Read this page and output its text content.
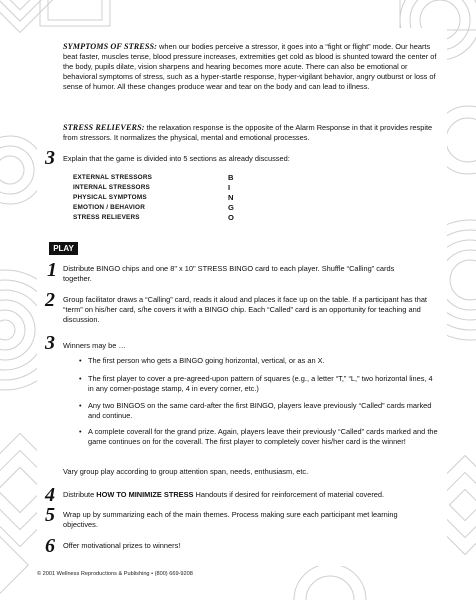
SYMPTOMS OF STRESS: when our bodies perceive a stressor, it goes into a “fight or flight” mode. Our hearts beat faster, muscles tense, blood pressure increases, extremities get cold as blood is shunted toward the center of the body, pupils dilate, vision sharpens and hearing becomes more acute. There can also be emotional or behavioral symptoms of stress, such as a hyper-startle response, hyper-vigilant behavior, angry outburst or loss of sense of humor. All these changes produce wear and tear on the body and can lead to illness.
STRESS RELIEVERS: the relaxation response is the opposite of the Alarm Response in that it provides respite from stressors. It normalizes the physical, mental and emotional processes.
3 Explain that the game is divided into 5 sections as already discussed:
EXTERNAL STRESSORS	B
INTERNAL STRESSORS	I
PHYSICAL SYMPTOMS	N
EMOTION / BEHAVIOR	G
STRESS RELIEVERS	O
PLAY
1 Distribute BINGO chips and one 8" x 10" STRESS BINGO card to each player. Shuffle “Calling” cards together.
2 Group facilitator draws a “Calling” card, reads it aloud and places it face up on the table. If a participant has that “term” on his/her card, s/he covers it with a BINGO chip. Each “Called” card is an opportunity for teaching and discussion.
3 Winners may be …
• The first person who gets a BINGO going horizontal, vertical, or as an X.
• The first player to cover a pre-agreed-upon pattern of squares (e.g., a letter “T,” “L,” two horizontal lines, 4 in any corner-postage stamp, 4 in every corner, etc.)
• Any two BINGOS on the same card-after the first BINGO, players leave previously “Called” cards marked and continue.
• A complete coverall for the grand prize. Again, players leave their previously “Called” cards marked and the game continues on for the coverall. The first player to completely cover his/her card is the winner!
Vary group play according to group attention span, needs, enthusiasm, etc.
4 Distribute HOW TO MINIMIZE STRESS Handouts if desired for reinforcement of material covered.
5 Wrap up by summarizing each of the main themes. Process making sure each participant met learning objectives.
6 Offer motivational prizes to winners!
© 2001 Wellness Reproductions & Publishing • (800) 669-9208
